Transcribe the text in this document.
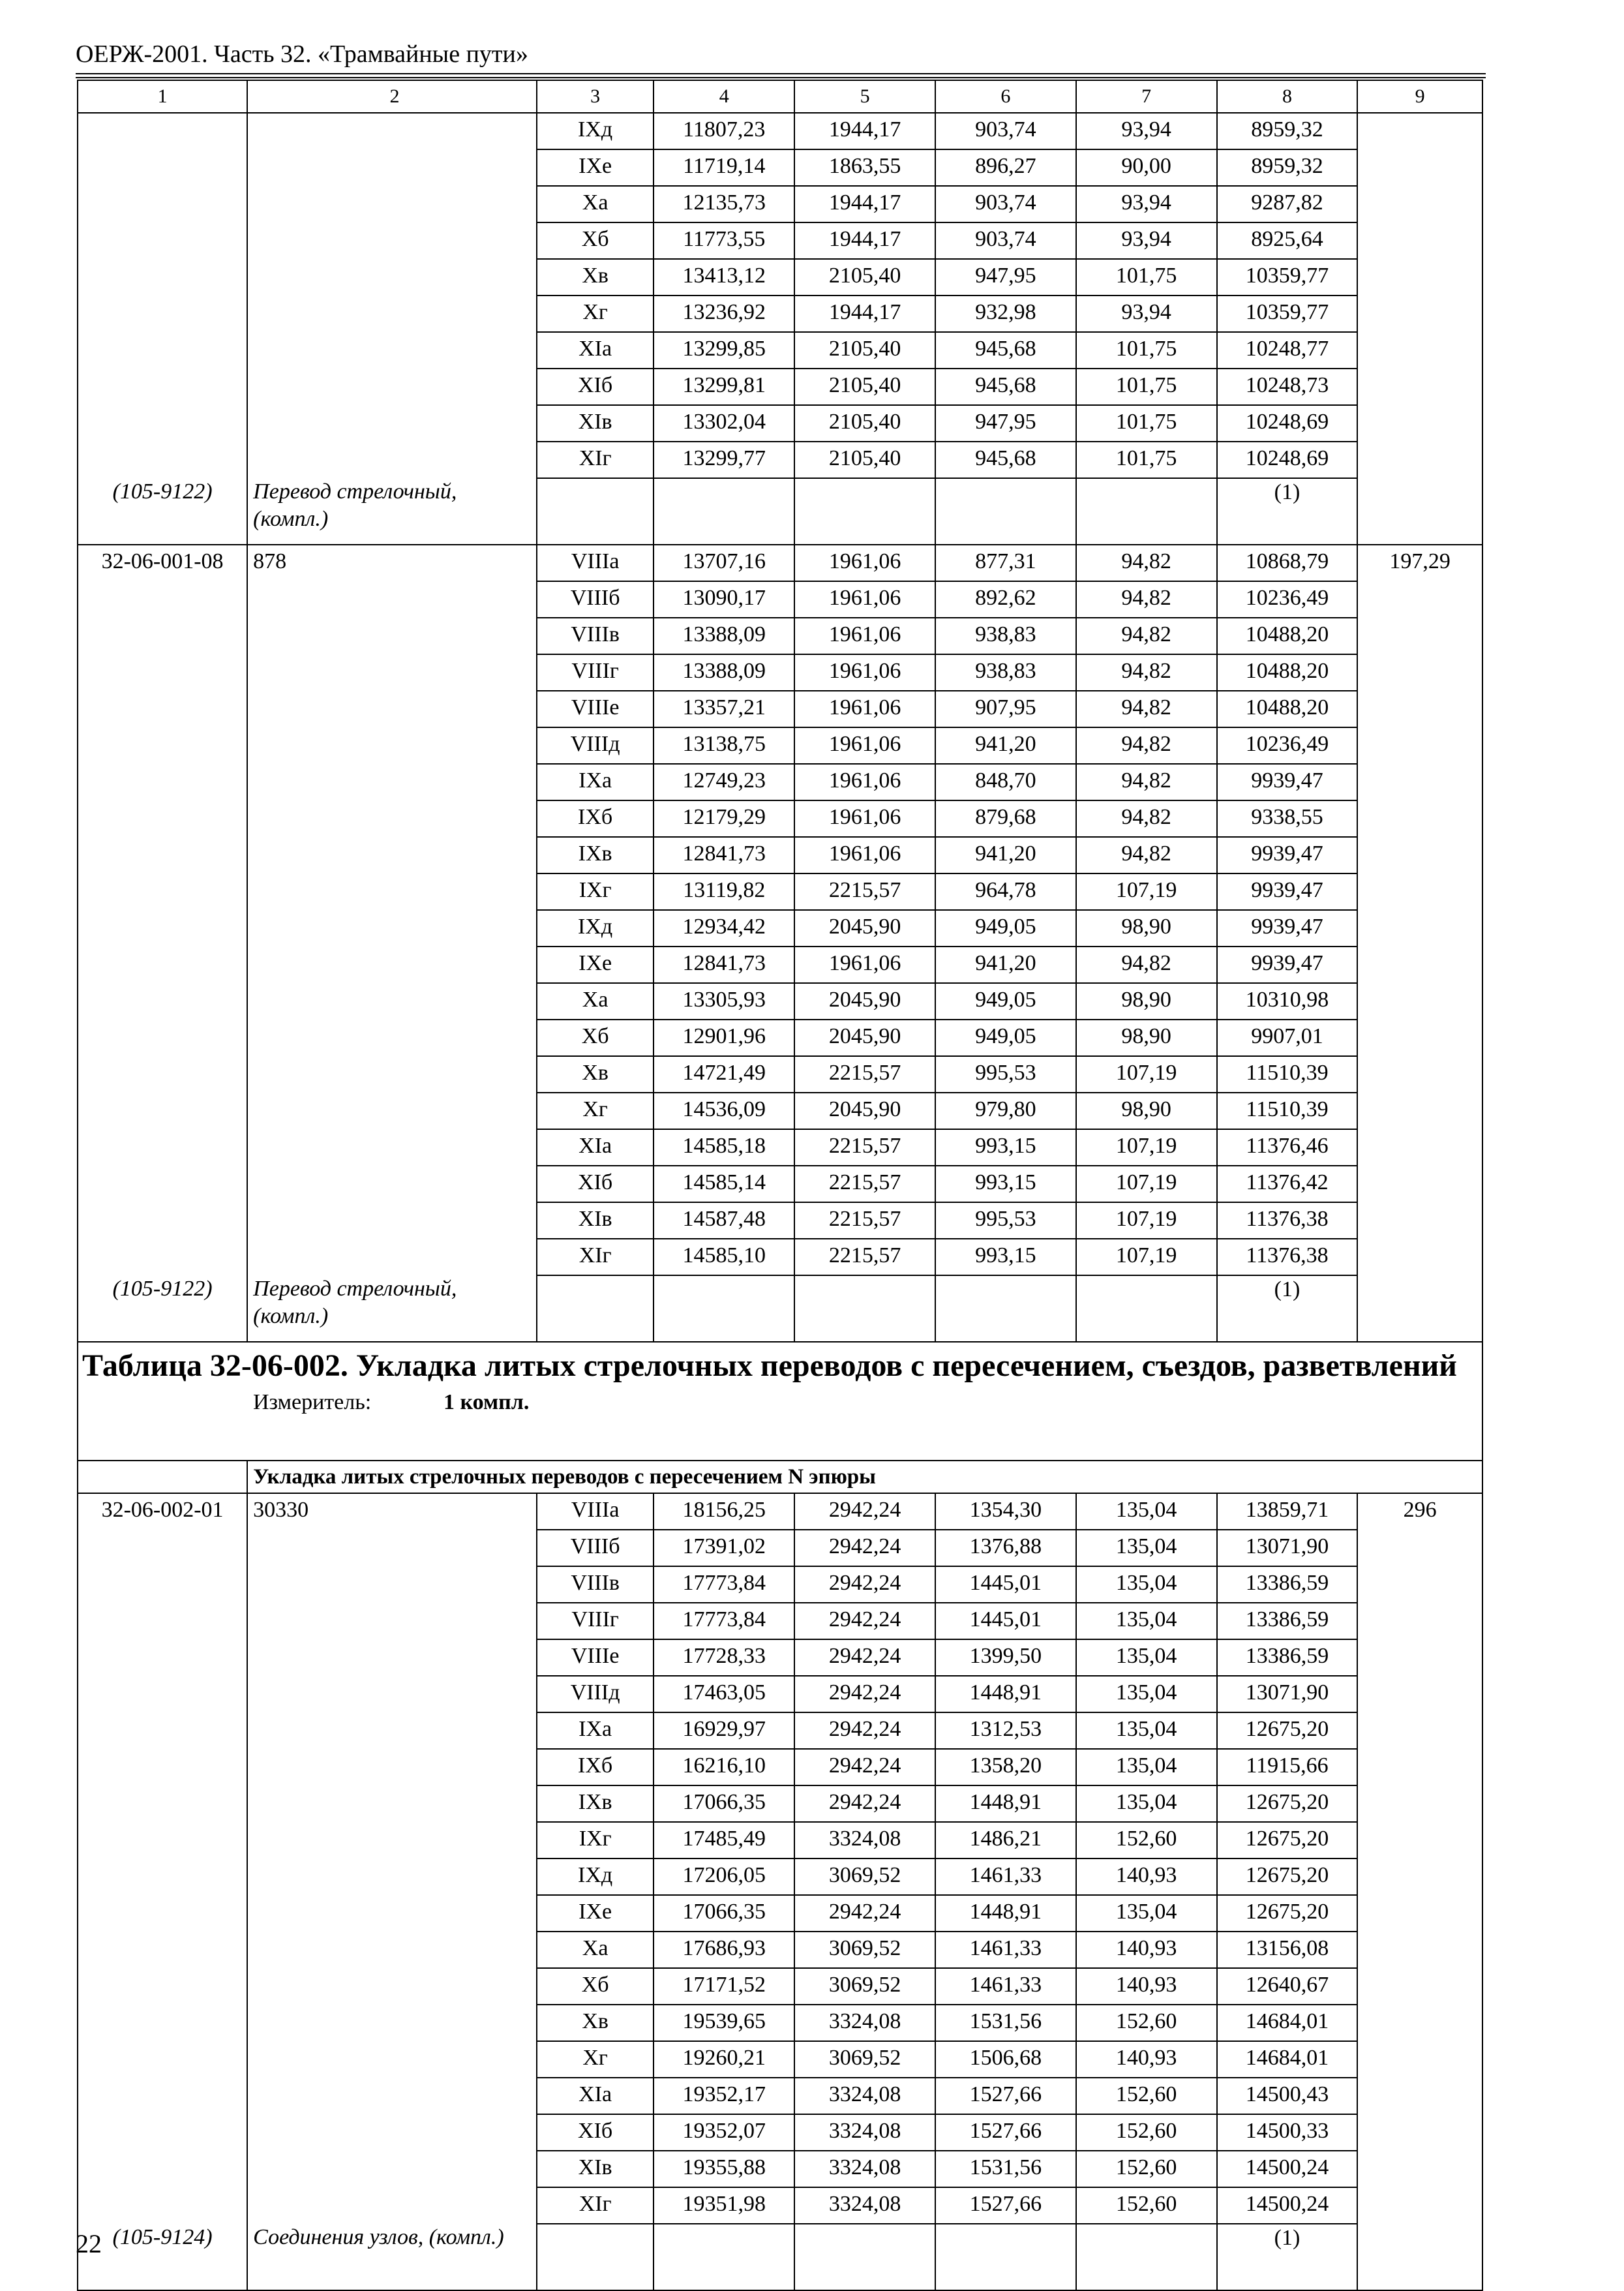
ОЕРЖ-2001. Часть 32. «Трамвайные пути»
1	2	3	4	5	6	7	8	9
		IXд	11807,23	1944,17	903,74	93,94	8959,32	
		IXе	11719,14	1863,55	896,27	90,00	8959,32	
		Xа	12135,73	1944,17	903,74	93,94	9287,82	
		Xб	11773,55	1944,17	903,74	93,94	8925,64	
		Xв	13413,12	2105,40	947,95	101,75	10359,77	
		Xг	13236,92	1944,17	932,98	93,94	10359,77	
		XIа	13299,85	2105,40	945,68	101,75	10248,77	
		XIб	13299,81	2105,40	945,68	101,75	10248,73	
		XIв	13302,04	2105,40	947,95	101,75	10248,69	
		XIг	13299,77	2105,40	945,68	101,75	10248,69	
(105-9122)	Перевод стрелочный, (компл.)						(1)	
32-06-001-08	878	VIIIа	13707,16	1961,06	877,31	94,82	10868,79	197,29
		VIIIб	13090,17	1961,06	892,62	94,82	10236,49	
		VIIIв	13388,09	1961,06	938,83	94,82	10488,20	
		VIIIг	13388,09	1961,06	938,83	94,82	10488,20	
		VIIIе	13357,21	1961,06	907,95	94,82	10488,20	
		VIIIд	13138,75	1961,06	941,20	94,82	10236,49	
		IXа	12749,23	1961,06	848,70	94,82	9939,47	
		IXб	12179,29	1961,06	879,68	94,82	9338,55	
		IXв	12841,73	1961,06	941,20	94,82	9939,47	
		IXг	13119,82	2215,57	964,78	107,19	9939,47	
		IXд	12934,42	2045,90	949,05	98,90	9939,47	
		IXе	12841,73	1961,06	941,20	94,82	9939,47	
		Xа	13305,93	2045,90	949,05	98,90	10310,98	
		Xб	12901,96	2045,90	949,05	98,90	9907,01	
		Xв	14721,49	2215,57	995,53	107,19	11510,39	
		Xг	14536,09	2045,90	979,80	98,90	11510,39	
		XIа	14585,18	2215,57	993,15	107,19	11376,46	
		XIб	14585,14	2215,57	993,15	107,19	11376,42	
		XIв	14587,48	2215,57	995,53	107,19	11376,38	
		XIг	14585,10	2215,57	993,15	107,19	11376,38	
(105-9122)	Перевод стрелочный, (компл.)						(1)	

Таблица 32-06-002. Укладка литых стрелочных переводов с пересечением, съездов, разветвлений
Измеритель: 1 компл.								

	Укладка литых стрелочных переводов с пересечением N эпюры							
32-06-002-01	30330	VIIIа	18156,25	2942,24	1354,30	135,04	13859,71	296
		VIIIб	17391,02	2942,24	1376,88	135,04	13071,90	
		VIIIв	17773,84	2942,24	1445,01	135,04	13386,59	
		VIIIг	17773,84	2942,24	1445,01	135,04	13386,59	
		VIIIе	17728,33	2942,24	1399,50	135,04	13386,59	
		VIIIд	17463,05	2942,24	1448,91	135,04	13071,90	
		IXа	16929,97	2942,24	1312,53	135,04	12675,20	
		IXб	16216,10	2942,24	1358,20	135,04	11915,66	
		IXв	17066,35	2942,24	1448,91	135,04	12675,20	
		IXг	17485,49	3324,08	1486,21	152,60	12675,20	
		IXд	17206,05	3069,52	1461,33	140,93	12675,20	
		IXе	17066,35	2942,24	1448,91	135,04	12675,20	
		Xа	17686,93	3069,52	1461,33	140,93	13156,08	
		Xб	17171,52	3069,52	1461,33	140,93	12640,67	
		Xв	19539,65	3324,08	1531,56	152,60	14684,01	
		Xг	19260,21	3069,52	1506,68	140,93	14684,01	
		XIа	19352,17	3324,08	1527,66	152,60	14500,43	
		XIб	19352,07	3324,08	1527,66	152,60	14500,33	
		XIв	19355,88	3324,08	1531,56	152,60	14500,24	
		XIг	19351,98	3324,08	1527,66	152,60	14500,24	
(105-9124)	Соединения узлов, (компл.)						(1)	
22
